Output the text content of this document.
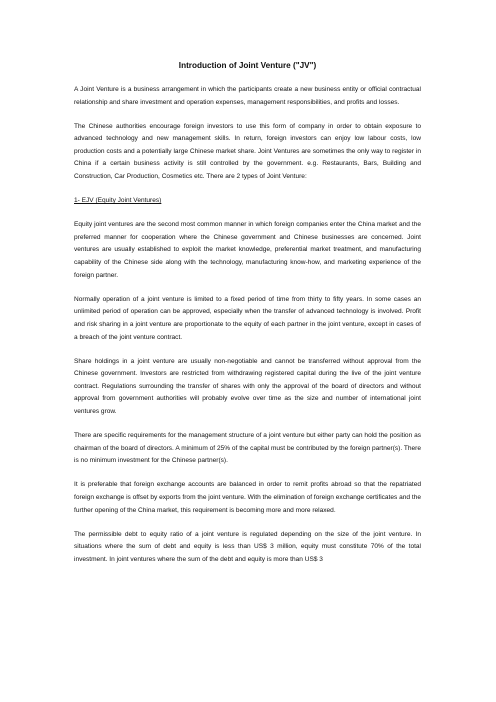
Introduction of Joint Venture ("JV")

A Joint Venture is a business arrangement in which the participants create a new business entity or official contractual relationship and share investment and operation expenses, management responsibilities, and profits and losses.

The Chinese authorities encourage foreign investors to use this form of company in order to obtain exposure to advanced technology and new management skills. In return, foreign investors can enjoy low labour costs, low production costs and a potentially large Chinese market share. Joint Ventures are sometimes the only way to register in China if a certain business activity is still controlled by the government. e.g. Restaurants, Bars, Building and Construction, Car Production, Cosmetics etc. There are 2 types of Joint Venture:

1- EJV (Equity Joint Ventures)

Equity joint ventures are the second most common manner in which foreign companies enter the China market and the preferred manner for cooperation where the Chinese government and Chinese businesses are concerned. Joint ventures are usually established to exploit the market knowledge, preferential market treatment, and manufacturing capability of the Chinese side along with the technology, manufacturing know-how, and marketing experience of the foreign partner.

Normally operation of a joint venture is limited to a fixed period of time from thirty to fifty years. In some cases an unlimited period of operation can be approved, especially when the transfer of advanced technology is involved. Profit and risk sharing in a joint venture are proportionate to the equity of each partner in the joint venture, except in cases of a breach of the joint venture contract.

Share holdings in a joint venture are usually non-negotiable and cannot be transferred without approval from the Chinese government. Investors are restricted from withdrawing registered capital during the live of the joint venture contract. Regulations surrounding the transfer of shares with only the approval of the board of directors and without approval from government authorities will probably evolve over time as the size and number of international joint ventures grow.

There are specific requirements for the management structure of a joint venture but either party can hold the position as chairman of the board of directors. A minimum of 25% of the capital must be contributed by the foreign partner(s). There is no minimum investment for the Chinese partner(s).

It is preferable that foreign exchange accounts are balanced in order to remit profits abroad so that the repatriated foreign exchange is offset by exports from the joint venture. With the elimination of foreign exchange certificates and the further opening of the China market, this requirement is becoming more and more relaxed.

The permissible debt to equity ratio of a joint venture is regulated depending on the size of the joint venture. In situations where the sum of debt and equity is less than US$ 3 million, equity must constitute 70% of the total investment. In joint ventures where the sum of the debt and equity is more than US$ 3
